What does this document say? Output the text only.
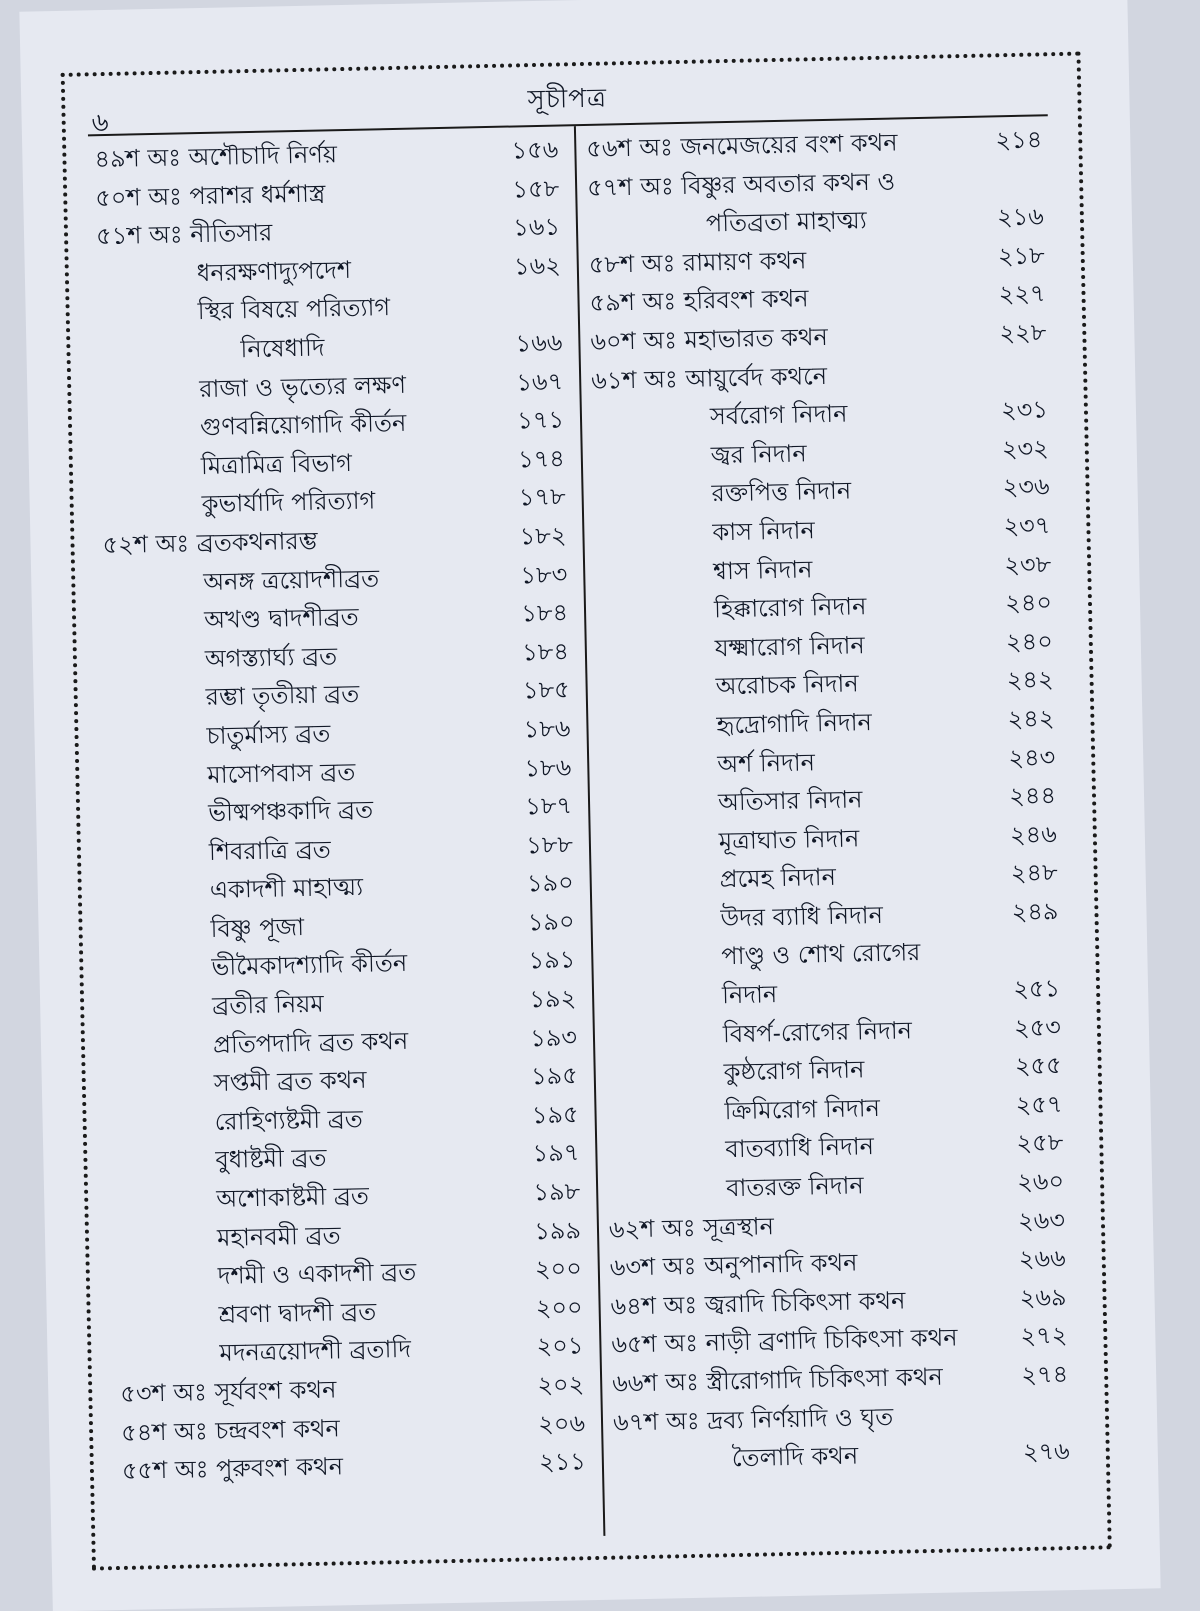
৬
সূচীপত্র
৪৯শ অঃ অশৌচাদি নির্ণয়	১৫৬
৫০শ অঃ পরাশর ধর্মশাস্ত্র	১৫৮
৫১শ অঃ নীতিসার	১৬১
ধনরক্ষণাদ্যুপদেশ	১৬২
স্থির বিষয়ে পরিত্যাগ
নিষেধাদি	১৬৬
রাজা ও ভৃত্যের লক্ষণ	১৬৭
গুণবন্নিয়োগাদি কীর্তন	১৭১
মিত্রামিত্র বিভাগ	১৭৪
কুভার্যাদি পরিত্যাগ	১৭৮
৫২শ অঃ ব্রতকথনারম্ভ	১৮২
অনঙ্গ ত্রয়োদশীব্রত	১৮৩
অখণ্ড দ্বাদশীব্রত	১৮৪
অগস্ত্যার্ঘ্য ব্রত	১৮৪
রম্ভা তৃতীয়া ব্রত	১৮৫
চাতুর্মাস্য ব্রত	১৮৬
মাসোপবাস ব্রত	১৮৬
ভীষ্মপঞ্চকাদি ব্রত	১৮৭
শিবরাত্রি ব্রত	১৮৮
একাদশী মাহাত্ম্য	১৯০
বিষ্ণু পূজা	১৯০
ভীমৈকাদশ্যাদি কীর্তন	১৯১
ব্রতীর নিয়ম	১৯২
প্রতিপদাদি ব্রত কথন	১৯৩
সপ্তমী ব্রত কথন	১৯৫
রোহিণ্যষ্টমী ব্রত	১৯৫
বুধাষ্টমী ব্রত	১৯৭
অশোকাষ্টমী ব্রত	১৯৮
মহানবমী ব্রত	১৯৯
দশমী ও একাদশী ব্রত	২০০
শ্রবণা দ্বাদশী ব্রত	২০০
মদনত্রয়োদশী ব্রতাদি	২০১
৫৩শ অঃ সূর্যবংশ কথন	২০২
৫৪শ অঃ চন্দ্রবংশ কথন	২০৬
৫৫শ অঃ পুরুবংশ কথন	২১১
৫৬শ অঃ জনমেজয়ের বংশ কথন	২১৪
৫৭শ অঃ বিষ্ণুর অবতার কথন ও
পতিব্রতা মাহাত্ম্য	২১৬
৫৮শ অঃ রামায়ণ কথন	২১৮
৫৯শ অঃ হরিবংশ কথন	২২৭
৬০শ অঃ মহাভারত কথন	২২৮
৬১শ অঃ আয়ুর্বেদ কথনে
সর্বরোগ নিদান	২৩১
জ্বর নিদান	২৩২
রক্তপিত্ত নিদান	২৩৬
কাস নিদান	২৩৭
শ্বাস নিদান	২৩৮
হিক্কারোগ নিদান	২৪০
যক্ষ্মারোগ নিদান	২৪০
অরোচক নিদান	২৪২
হৃদ্রোগাদি নিদান	২৪২
অর্শ নিদান	২৪৩
অতিসার নিদান	২৪৪
মূত্রাঘাত নিদান	২৪৬
প্রমেহ নিদান	২৪৮
উদর ব্যাধি নিদান	২৪৯
পাণ্ডু ও শোথ রোগের
নিদান	২৫১
বিষর্প-রোগের নিদান	২৫৩
কুষ্ঠরোগ নিদান	২৫৫
ক্রিমিরোগ নিদান	২৫৭
বাতব্যাধি নিদান	২৫৮
বাতরক্ত নিদান	২৬০
৬২শ অঃ সূত্রস্থান	২৬৩
৬৩শ অঃ অনুপানাদি কথন	২৬৬
৬৪শ অঃ জ্বরাদি চিকিৎসা কথন	২৬৯
৬৫শ অঃ নাড়ী ব্রণাদি চিকিৎসা কথন	২৭২
৬৬শ অঃ স্ত্রীরোগাদি চিকিৎসা কথন	২৭৪
৬৭শ অঃ দ্রব্য নির্ণয়াদি ও ঘৃত
তৈলাদি কথন	২৭৬
